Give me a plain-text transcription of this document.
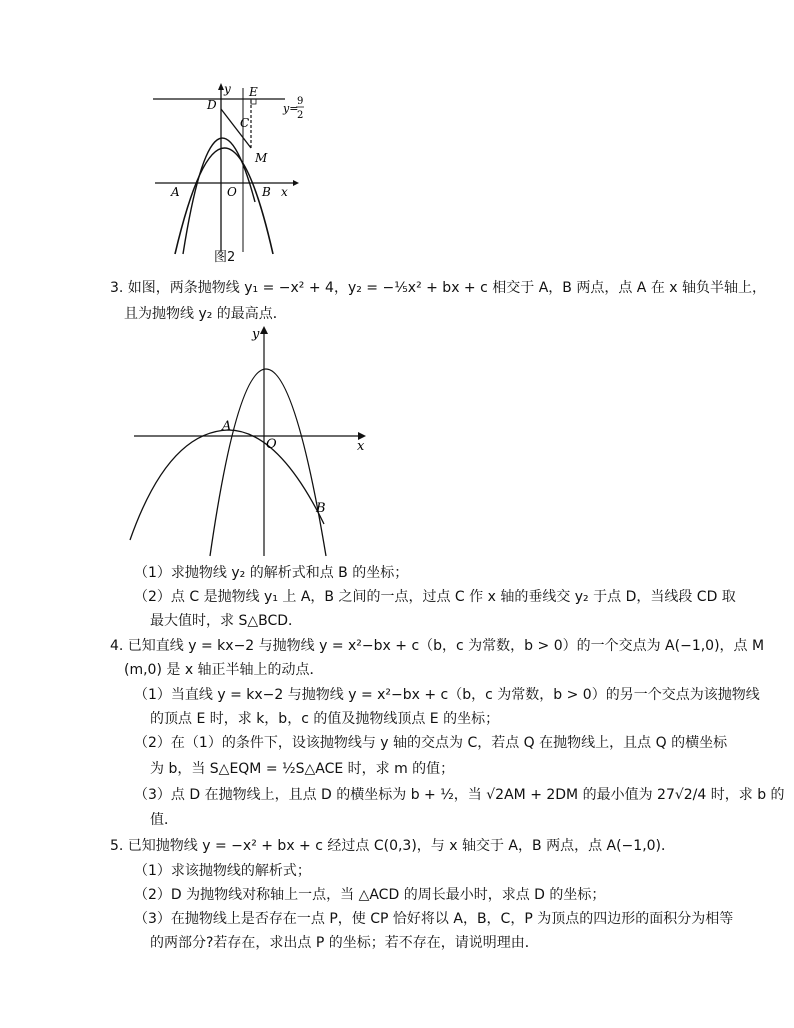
y E
D
C
M
A	O B x
y=
9
2
图2
3. 如图，两条抛物线 y₁ = −x² + 4，y₂ = −⅕x² + bx + c 相交于 A，B 两点，点 A 在 x 轴负半轴上，
且为抛物线 y₂ 的最高点．
y
A
O	x
B
（1）求抛物线 y₂ 的解析式和点 B 的坐标；
（2）点 C 是抛物线 y₁ 上 A，B 之间的一点，过点 C 作 x 轴的垂线交 y₂ 于点 D，当线段 CD 取
最大值时，求 S△BCD．
4. 已知直线 y = kx−2 与抛物线 y = x²−bx + c（b，c 为常数，b > 0）的一个交点为 A(−1,0)，点 M
(m,0) 是 x 轴正半轴上的动点．
（1）当直线 y = kx−2 与抛物线 y = x²−bx + c（b，c 为常数，b > 0）的另一个交点为该抛物线
的顶点 E 时，求 k，b，c 的值及抛物线顶点 E 的坐标；
（2）在（1）的条件下，设该抛物线与 y 轴的交点为 C，若点 Q 在抛物线上，且点 Q 的横坐标
为 b，当 S△EQM = ½S△ACE 时，求 m 的值；
（3）点 D 在抛物线上，且点 D 的横坐标为 b + ½，当 √2AM + 2DM 的最小值为 27√2/4 时，求 b 的
值．
5. 已知抛物线 y = −x² + bx + c 经过点 C(0,3)，与 x 轴交于 A，B 两点，点 A(−1,0)．
（1）求该抛物线的解析式；
（2）D 为抛物线对称轴上一点，当 △ACD 的周长最小时，求点 D 的坐标；
（3）在抛物线上是否存在一点 P，使 CP 恰好将以 A，B，C，P 为顶点的四边形的面积分为相等
的两部分?若存在，求出点 P 的坐标；若不存在，请说明理由．
